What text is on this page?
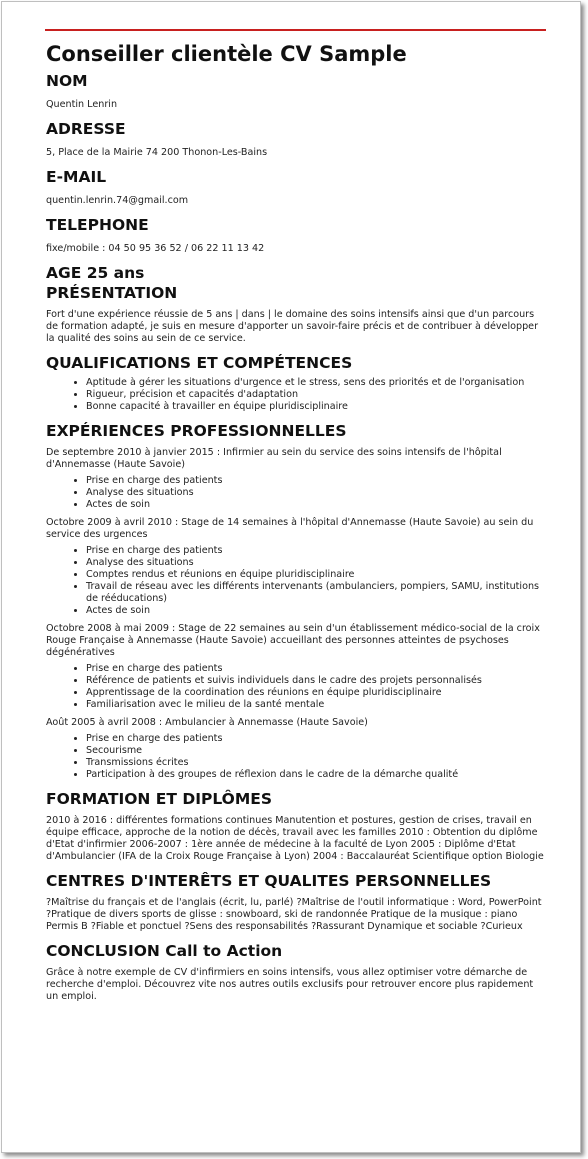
Conseiller clientèle CV Sample
NOM

Quentin Lenrin

ADRESSE

5, Place de la Mairie 74 200 Thonon-Les-Bains

E-MAIL

quentin.lenrin.74@gmail.com

TELEPHONE

fixe/mobile : 04 50 95 36 52 / 06 22 11 13 42

AGE 25 ans
PRÉSENTATION

Fort d'une expérience réussie de 5 ans | dans | le domaine des soins intensifs ainsi que d'un parcours de formation adapté, je suis en mesure d'apporter un savoir-faire précis et de contribuer à développer la qualité des soins au sein de ce service.

QUALIFICATIONS ET COMPÉTENCES
• Aptitude à gérer les situations d'urgence et le stress, sens des priorités et de l'organisation
• Rigueur, précision et capacités d'adaptation
• Bonne capacité à travailler en équipe pluridisciplinaire
EXPÉRIENCES PROFESSIONNELLES

De septembre 2010 à janvier 2015 : Infirmier au sein du service des soins intensifs de l'hôpital d'Annemasse (Haute Savoie)

• Prise en charge des patients
• Analyse des situations
• Actes de soin

Octobre 2009 à avril 2010 : Stage de 14 semaines à l'hôpital d'Annemasse (Haute Savoie) au sein du service des urgences

• Prise en charge des patients
• Analyse des situations
• Comptes rendus et réunions en équipe pluridisciplinaire
• Travail de réseau avec les différents intervenants (ambulanciers, pompiers, SAMU, institutions de rééducations)
• Actes de soin

Octobre 2008 à mai 2009 : Stage de 22 semaines au sein d'un établissement médico-social de la croix Rouge Française à Annemasse (Haute Savoie) accueillant des personnes atteintes de psychoses dégénératives

• Prise en charge des patients
• Référence de patients et suivis individuels dans le cadre des projets personnalisés
• Apprentissage de la coordination des réunions en équipe pluridisciplinaire
• Familiarisation avec le milieu de la santé mentale

Août 2005 à avril 2008 : Ambulancier à Annemasse (Haute Savoie)

• Prise en charge des patients
• Secourisme
• Transmissions écrites
• Participation à des groupes de réflexion dans le cadre de la démarche qualité
FORMATION ET DIPLÔMES

2010 à 2016 : différentes formations continues Manutention et postures, gestion de crises, travail en équipe efficace, approche de la notion de décès, travail avec les familles 2010 : Obtention du diplôme d'Etat d'infirmier 2006-2007 : 1ère année de médecine à la faculté de Lyon 2005 : Diplôme d'Etat d'Ambulancier (IFA de la Croix Rouge Française à Lyon) 2004 : Baccalauréat Scientifique option Biologie

CENTRES D'INTERÊTS ET QUALITES PERSONNELLES

?Maîtrise du français et de l'anglais (écrit, lu, parlé) ?Maîtrise de l'outil informatique : Word, PowerPoint ?Pratique de divers sports de glisse : snowboard, ski de randonnée Pratique de la musique : piano Permis B ?Fiable et ponctuel ?Sens des responsabilités ?Rassurant Dynamique et sociable ?Curieux

CONCLUSION Call to Action

Grâce à notre exemple de CV d'infirmiers en soins intensifs, vous allez optimiser votre démarche de recherche d'emploi. Découvrez vite nos autres outils exclusifs pour retrouver encore plus rapidement un emploi.
